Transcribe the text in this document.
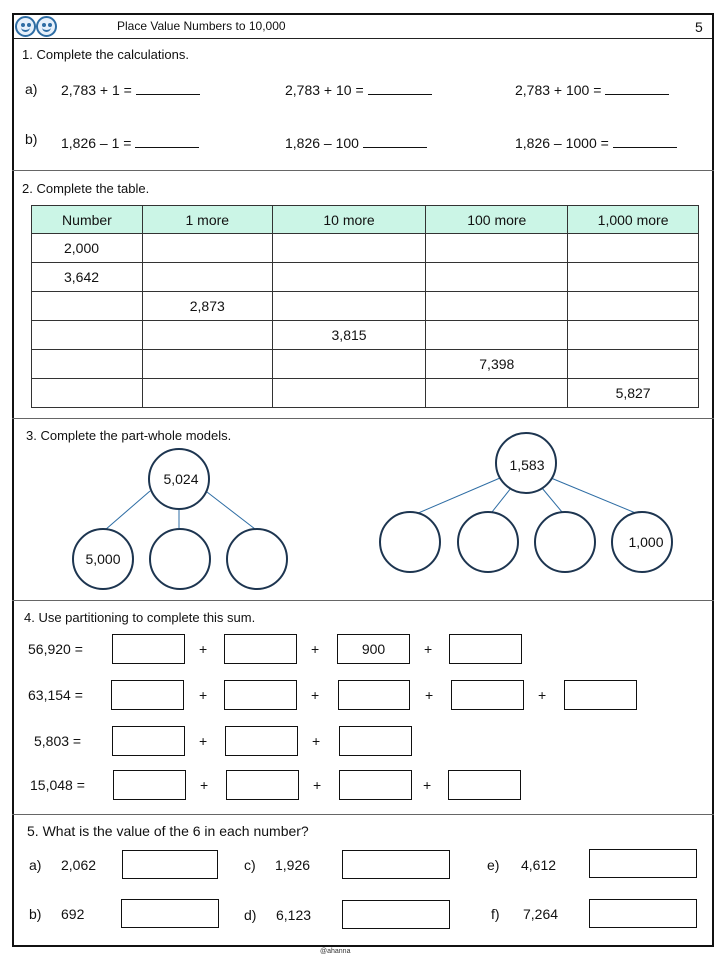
Place Value Numbers to 10,000	5
1. Complete the calculations.
a) 2,783 + 1 =	2,783 + 10 =	2,783 + 100 =
b) 1,826 – 1 =	1,826 – 100	1,826 – 1000 =
2. Complete the table.
Number	1 more	10 more	100 more	1,000 more
2,000				
3,642				
	2,873			
		3,815		
			7,398	
				5,827
3. Complete the part-whole models.
5,024
5,000
1,583
1,000
4. Use partitioning to complete this sum.
56,920 =	+	+	900	+
63,154 =	+	+	+	+
5,803 =	+	+
15,048 =	+	+	+
5. What is the value of the 6 in each number?
a) 2,062	c) 1,926	e) 4,612
b) 692	d) 6,123	f) 7,264
@ahanna
